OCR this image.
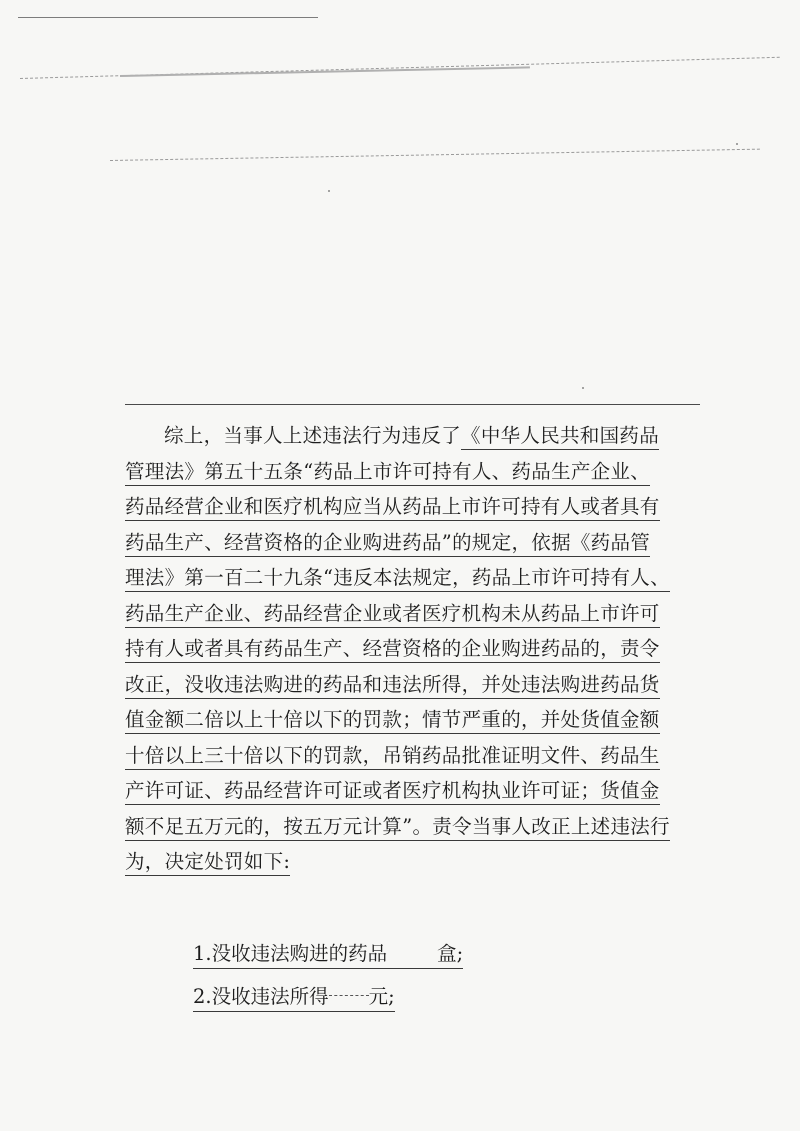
综上，当事人上述违法行为违反了《中华人民共和国药品
管理法》第五十五条“药品上市许可持有人、药品生产企业、
药品经营企业和医疗机构应当从药品上市许可持有人或者具有
药品生产、经营资格的企业购进药品”的规定，依据《药品管
理法》第一百二十九条“违反本法规定，药品上市许可持有人、
药品生产企业、药品经营企业或者医疗机构未从药品上市许可
持有人或者具有药品生产、经营资格的企业购进药品的，责令
改正，没收违法购进的药品和违法所得，并处违法购进药品货
值金额二倍以上十倍以下的罚款；情节严重的，并处货值金额
十倍以上三十倍以下的罚款，吊销药品批准证明文件、药品生
产许可证、药品经营许可证或者医疗机构执业许可证；货值金
额不足五万元的，按五万元计算”。责令当事人改正上述违法行
为，决定处罚如下:
1.没收违法购进的药品	盒;
2.没收违法所得 元;
